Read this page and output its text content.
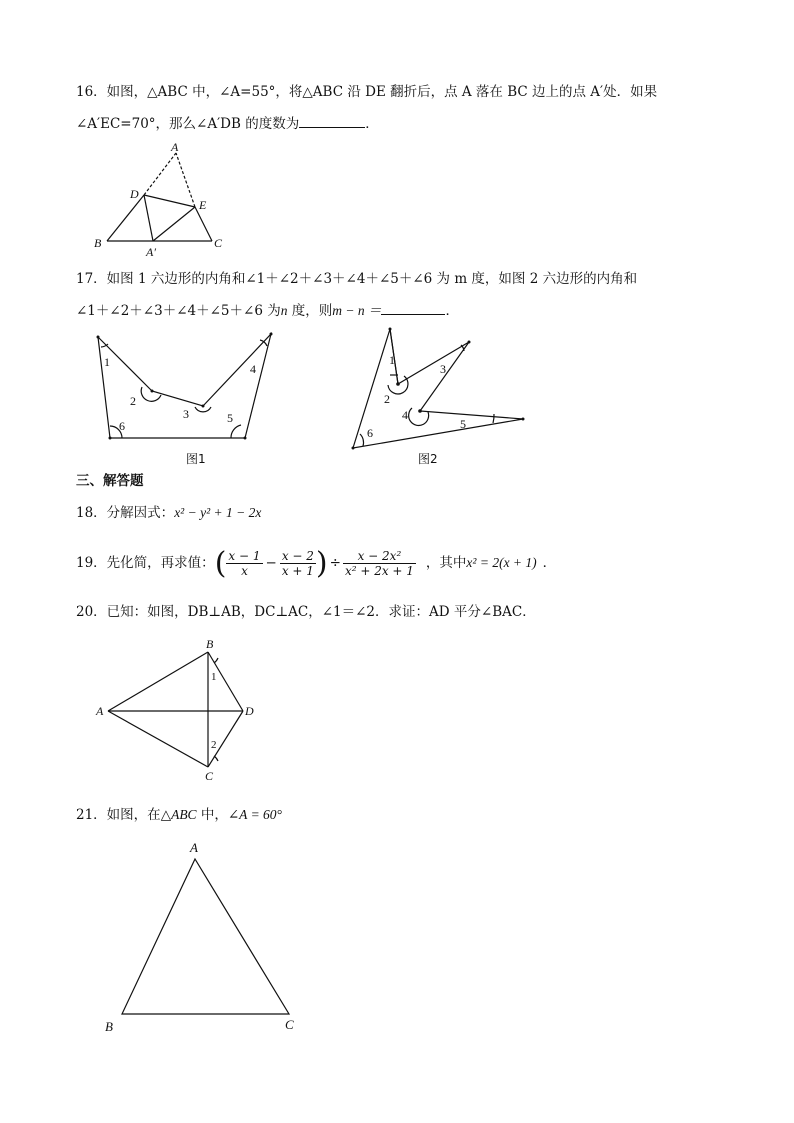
16．如图，△ABC 中，∠A=55°，将△ABC 沿 DE 翻折后，点 A 落在 BC 边上的点 A′处．如果
∠A′EC=70°，那么∠A′DB 的度数为	．
A
D
E
B
A′
C
17．如图 1 六边形的内角和∠1＋∠2＋∠3＋∠4＋∠5＋∠6 为 m 度，如图 2 六边形的内角和
∠1＋∠2＋∠3＋∠4＋∠5＋∠6 为n 度，则m − n ＝	．
1
2
3
4
5
6
图1
1
2
3
4
5
6
图2
三、解答题
18．分解因式：x² − y² + 1 − 2x
19．先化简，再求值：( $\frac{x - 1}{x} - \frac{x - 2}{x + 1}$ ) ÷ $\frac{\text{x − 2x²}}{\text{x² + 2x + 1}}$ ，其中x² = 2(x + 1) ．
20．已知：如图，DB⊥AB，DC⊥AC，∠1＝∠2．求证：AD 平分∠BAC．
B
A	D
C
1
2
21．如图，在△ABC 中，∠A = 60°
A
B	C
